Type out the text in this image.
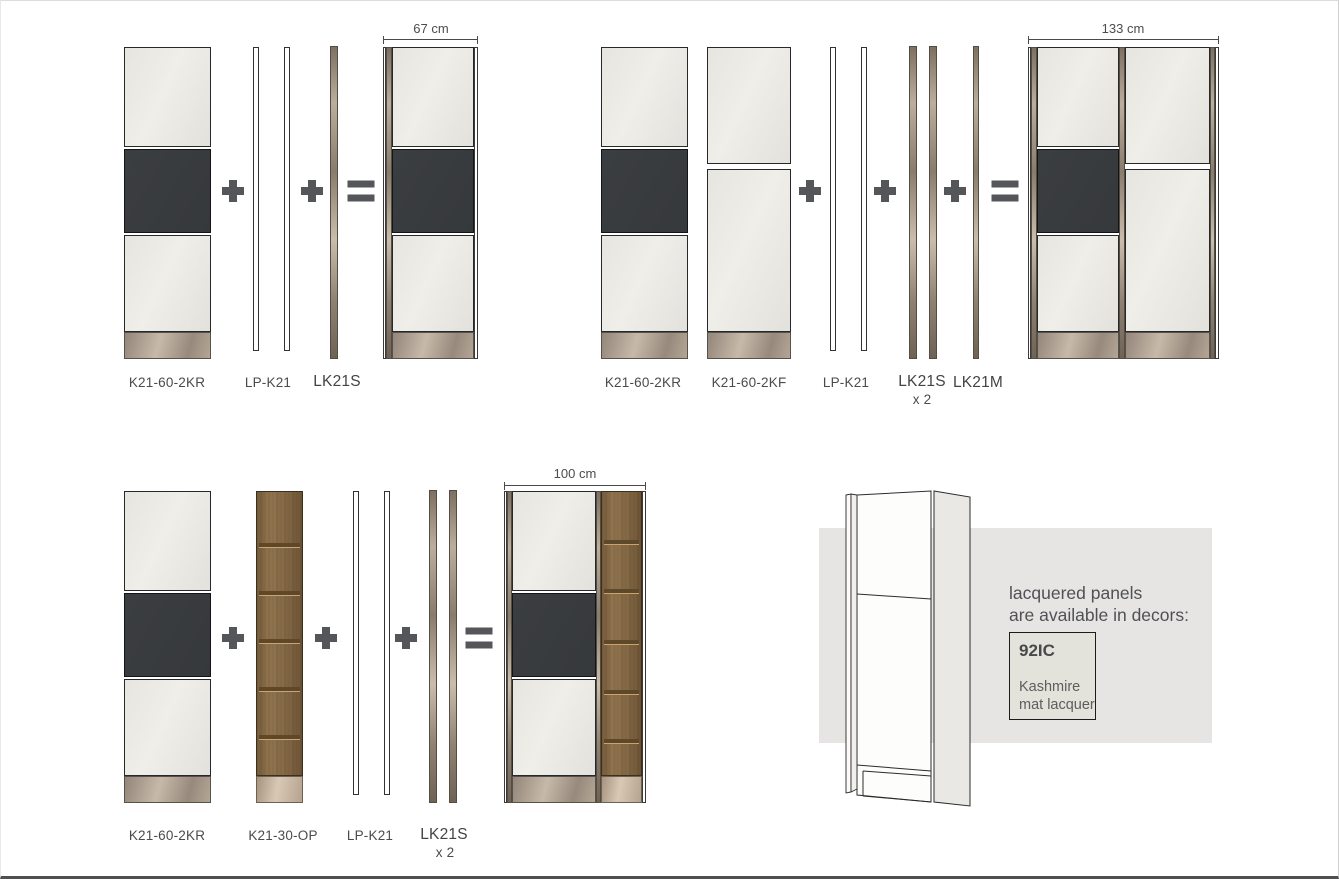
67 cm
K21-60-2KR	LP-K21 LK21S
133 cm
K21-60-2KR K21-60-2KF	LP-K21 LK21S
x 2
LK21M
100 cm
K21-60-2KR	K21-30-OP LP-K21 LK21S
x 2
lacquered panels
are available in decors:
92IC
Kashmire
mat lacquer
